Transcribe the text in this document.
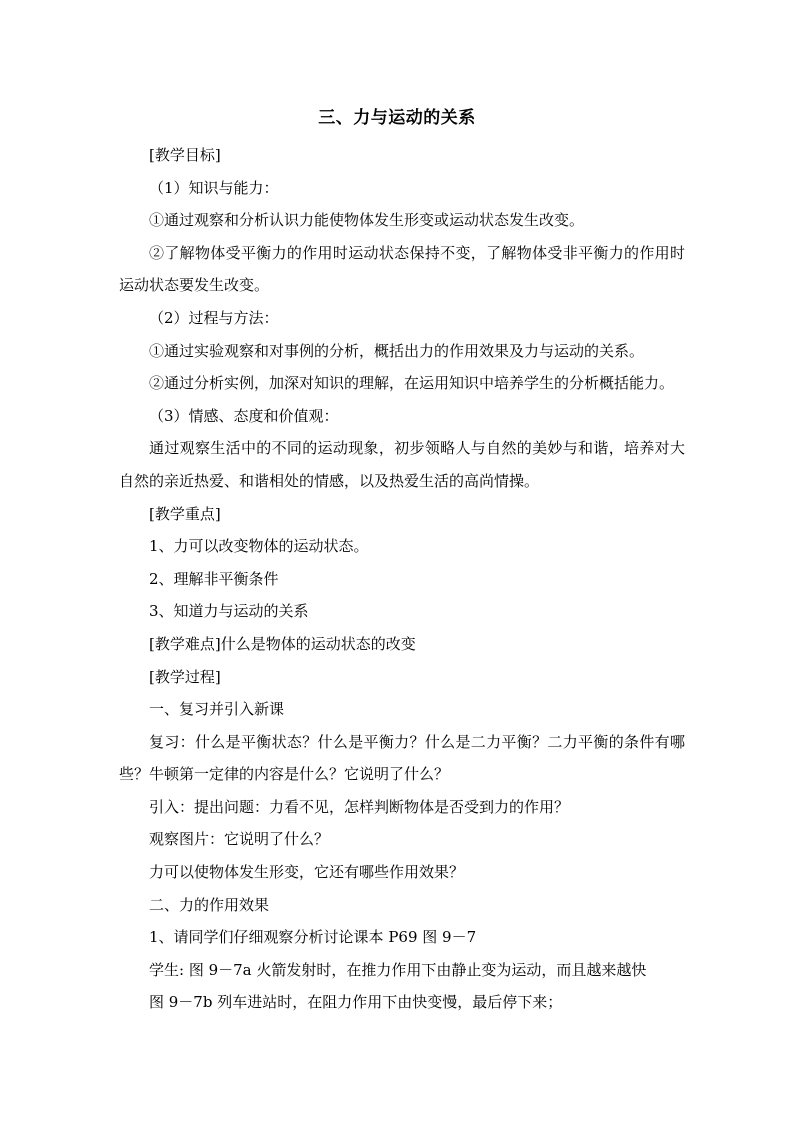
三、力与运动的关系

[教学目标]

（1）知识与能力：

①通过观察和分析认识力能使物体发生形变或运动状态发生改变。

②了解物体受平衡力的作用时运动状态保持不变，了解物体受非平衡力的作用时运动状态要发生改变。

（2）过程与方法：

①通过实验观察和对事例的分析，概括出力的作用效果及力与运动的关系。

②通过分析实例，加深对知识的理解，在运用知识中培养学生的分析概括能力。

（3）情感、态度和价值观：

通过观察生活中的不同的运动现象，初步领略人与自然的美妙与和谐，培养对大自然的亲近热爱、和谐相处的情感，以及热爱生活的高尚情操。

[教学重点]

1、力可以改变物体的运动状态。

2、理解非平衡条件

3、知道力与运动的关系

[教学难点]什么是物体的运动状态的改变

[教学过程]

一、复习并引入新课

复习：什么是平衡状态？什么是平衡力？什么是二力平衡？二力平衡的条件有哪些？牛顿第一定律的内容是什么？它说明了什么？

引入：提出问题：力看不见，怎样判断物体是否受到力的作用？

观察图片：它说明了什么？

力可以使物体发生形变，它还有哪些作用效果？

二、力的作用效果

1、请同学们仔细观察分析讨论课本 P69 图 9－7

学生: 图 9－7a 火箭发射时，在推力作用下由静止变为运动，而且越来越快

图 9－7b 列车进站时，在阻力作用下由快变慢，最后停下来；
